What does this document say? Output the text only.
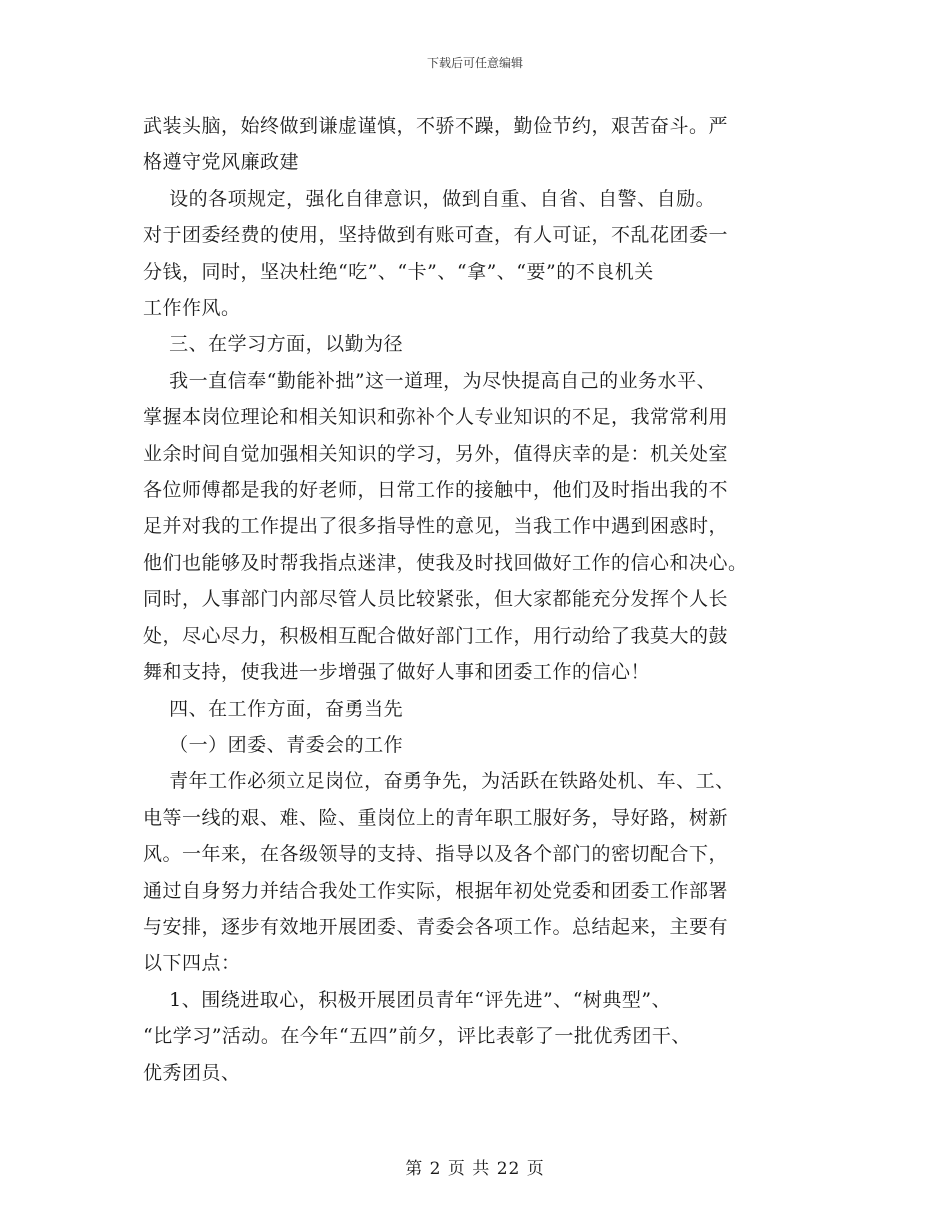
下载后可任意编辑

武装头脑，始终做到谦虚谨慎，不骄不躁，勤俭节约，艰苦奋斗。严

格遵守党风廉政建

设的各项规定，强化自律意识，做到自重、自省、自警、自励。

对于团委经费的使用，坚持做到有账可查，有人可证，不乱花团委一

分钱，同时，坚决杜绝“吃”、“卡”、“拿”、“要”的不良机关

工作作风。

三、在学习方面，以勤为径

我一直信奉“勤能补拙”这一道理，为尽快提高自己的业务水平、

掌握本岗位理论和相关知识和弥补个人专业知识的不足，我常常利用

业余时间自觉加强相关知识的学习，另外，值得庆幸的是：机关处室

各位师傅都是我的好老师，日常工作的接触中，他们及时指出我的不

足并对我的工作提出了很多指导性的意见，当我工作中遇到困惑时，

他们也能够及时帮我指点迷津，使我及时找回做好工作的信心和决心。

同时，人事部门内部尽管人员比较紧张，但大家都能充分发挥个人长

处，尽心尽力，积极相互配合做好部门工作，用行动给了我莫大的鼓

舞和支持，使我进一步增强了做好人事和团委工作的信心！

四、在工作方面，奋勇当先

（一）团委、青委会的工作

青年工作必须立足岗位，奋勇争先，为活跃在铁路处机、车、工、

电等一线的艰、难、险、重岗位上的青年职工服好务，导好路，树新

风。一年来，在各级领导的支持、指导以及各个部门的密切配合下，

通过自身努力并结合我处工作实际，根据年初处党委和团委工作部署

与安排，逐步有效地开展团委、青委会各项工作。总结起来，主要有

以下四点：

1、围绕进取心，积极开展团员青年“评先进”、“树典型”、

“比学习”活动。在今年“五四”前夕，评比表彰了一批优秀团干、

优秀团员、

第 2 页 共 22 页
